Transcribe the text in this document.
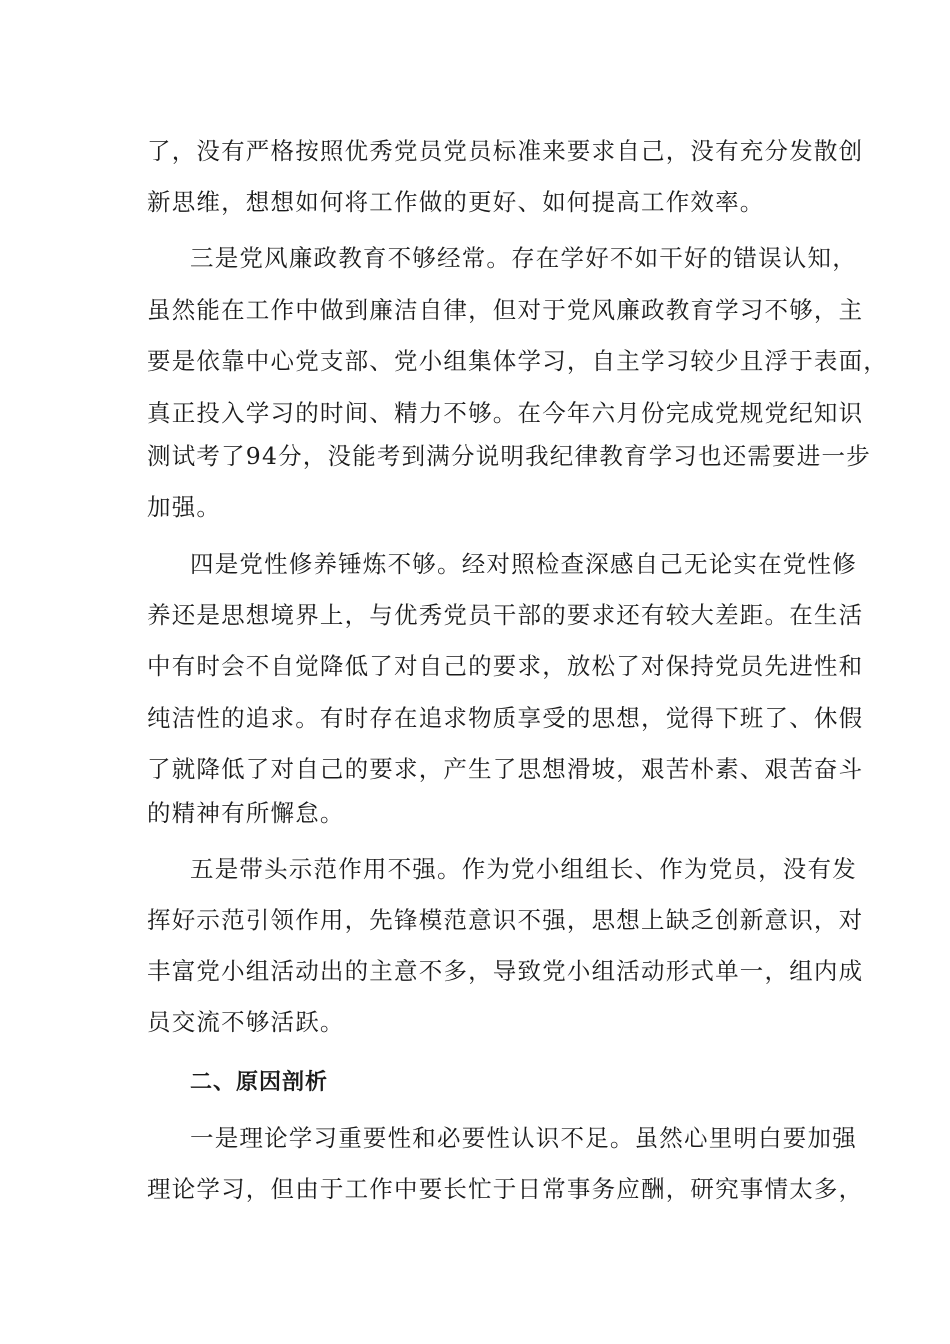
了，没有严格按照优秀党员党员标准来要求自己，没有充分发散创
新思维，想想如何将工作做的更好、如何提高工作效率。
三是党风廉政教育不够经常。存在学好不如干好的错误认知，
虽然能在工作中做到廉洁自律，但对于党风廉政教育学习不够，主
要是依靠中心党支部、党小组集体学习，自主学习较少且浮于表面，
真正投入学习的时间、精力不够。在今年六月份完成党规党纪知识
测试考了94分，没能考到满分说明我纪律教育学习也还需要进一步
加强。
四是党性修养锤炼不够。经对照检查深感自己无论实在党性修
养还是思想境界上，与优秀党员干部的要求还有较大差距。在生活
中有时会不自觉降低了对自己的要求，放松了对保持党员先进性和
纯洁性的追求。有时存在追求物质享受的思想，觉得下班了、休假
了就降低了对自己的要求，产生了思想滑坡，艰苦朴素、艰苦奋斗
的精神有所懈怠。
五是带头示范作用不强。作为党小组组长、作为党员，没有发
挥好示范引领作用，先锋模范意识不强，思想上缺乏创新意识，对
丰富党小组活动出的主意不多，导致党小组活动形式单一，组内成
员交流不够活跃。
二、原因剖析
一是理论学习重要性和必要性认识不足。虽然心里明白要加强
理论学习，但由于工作中要长忙于日常事务应酬，研究事情太多，
